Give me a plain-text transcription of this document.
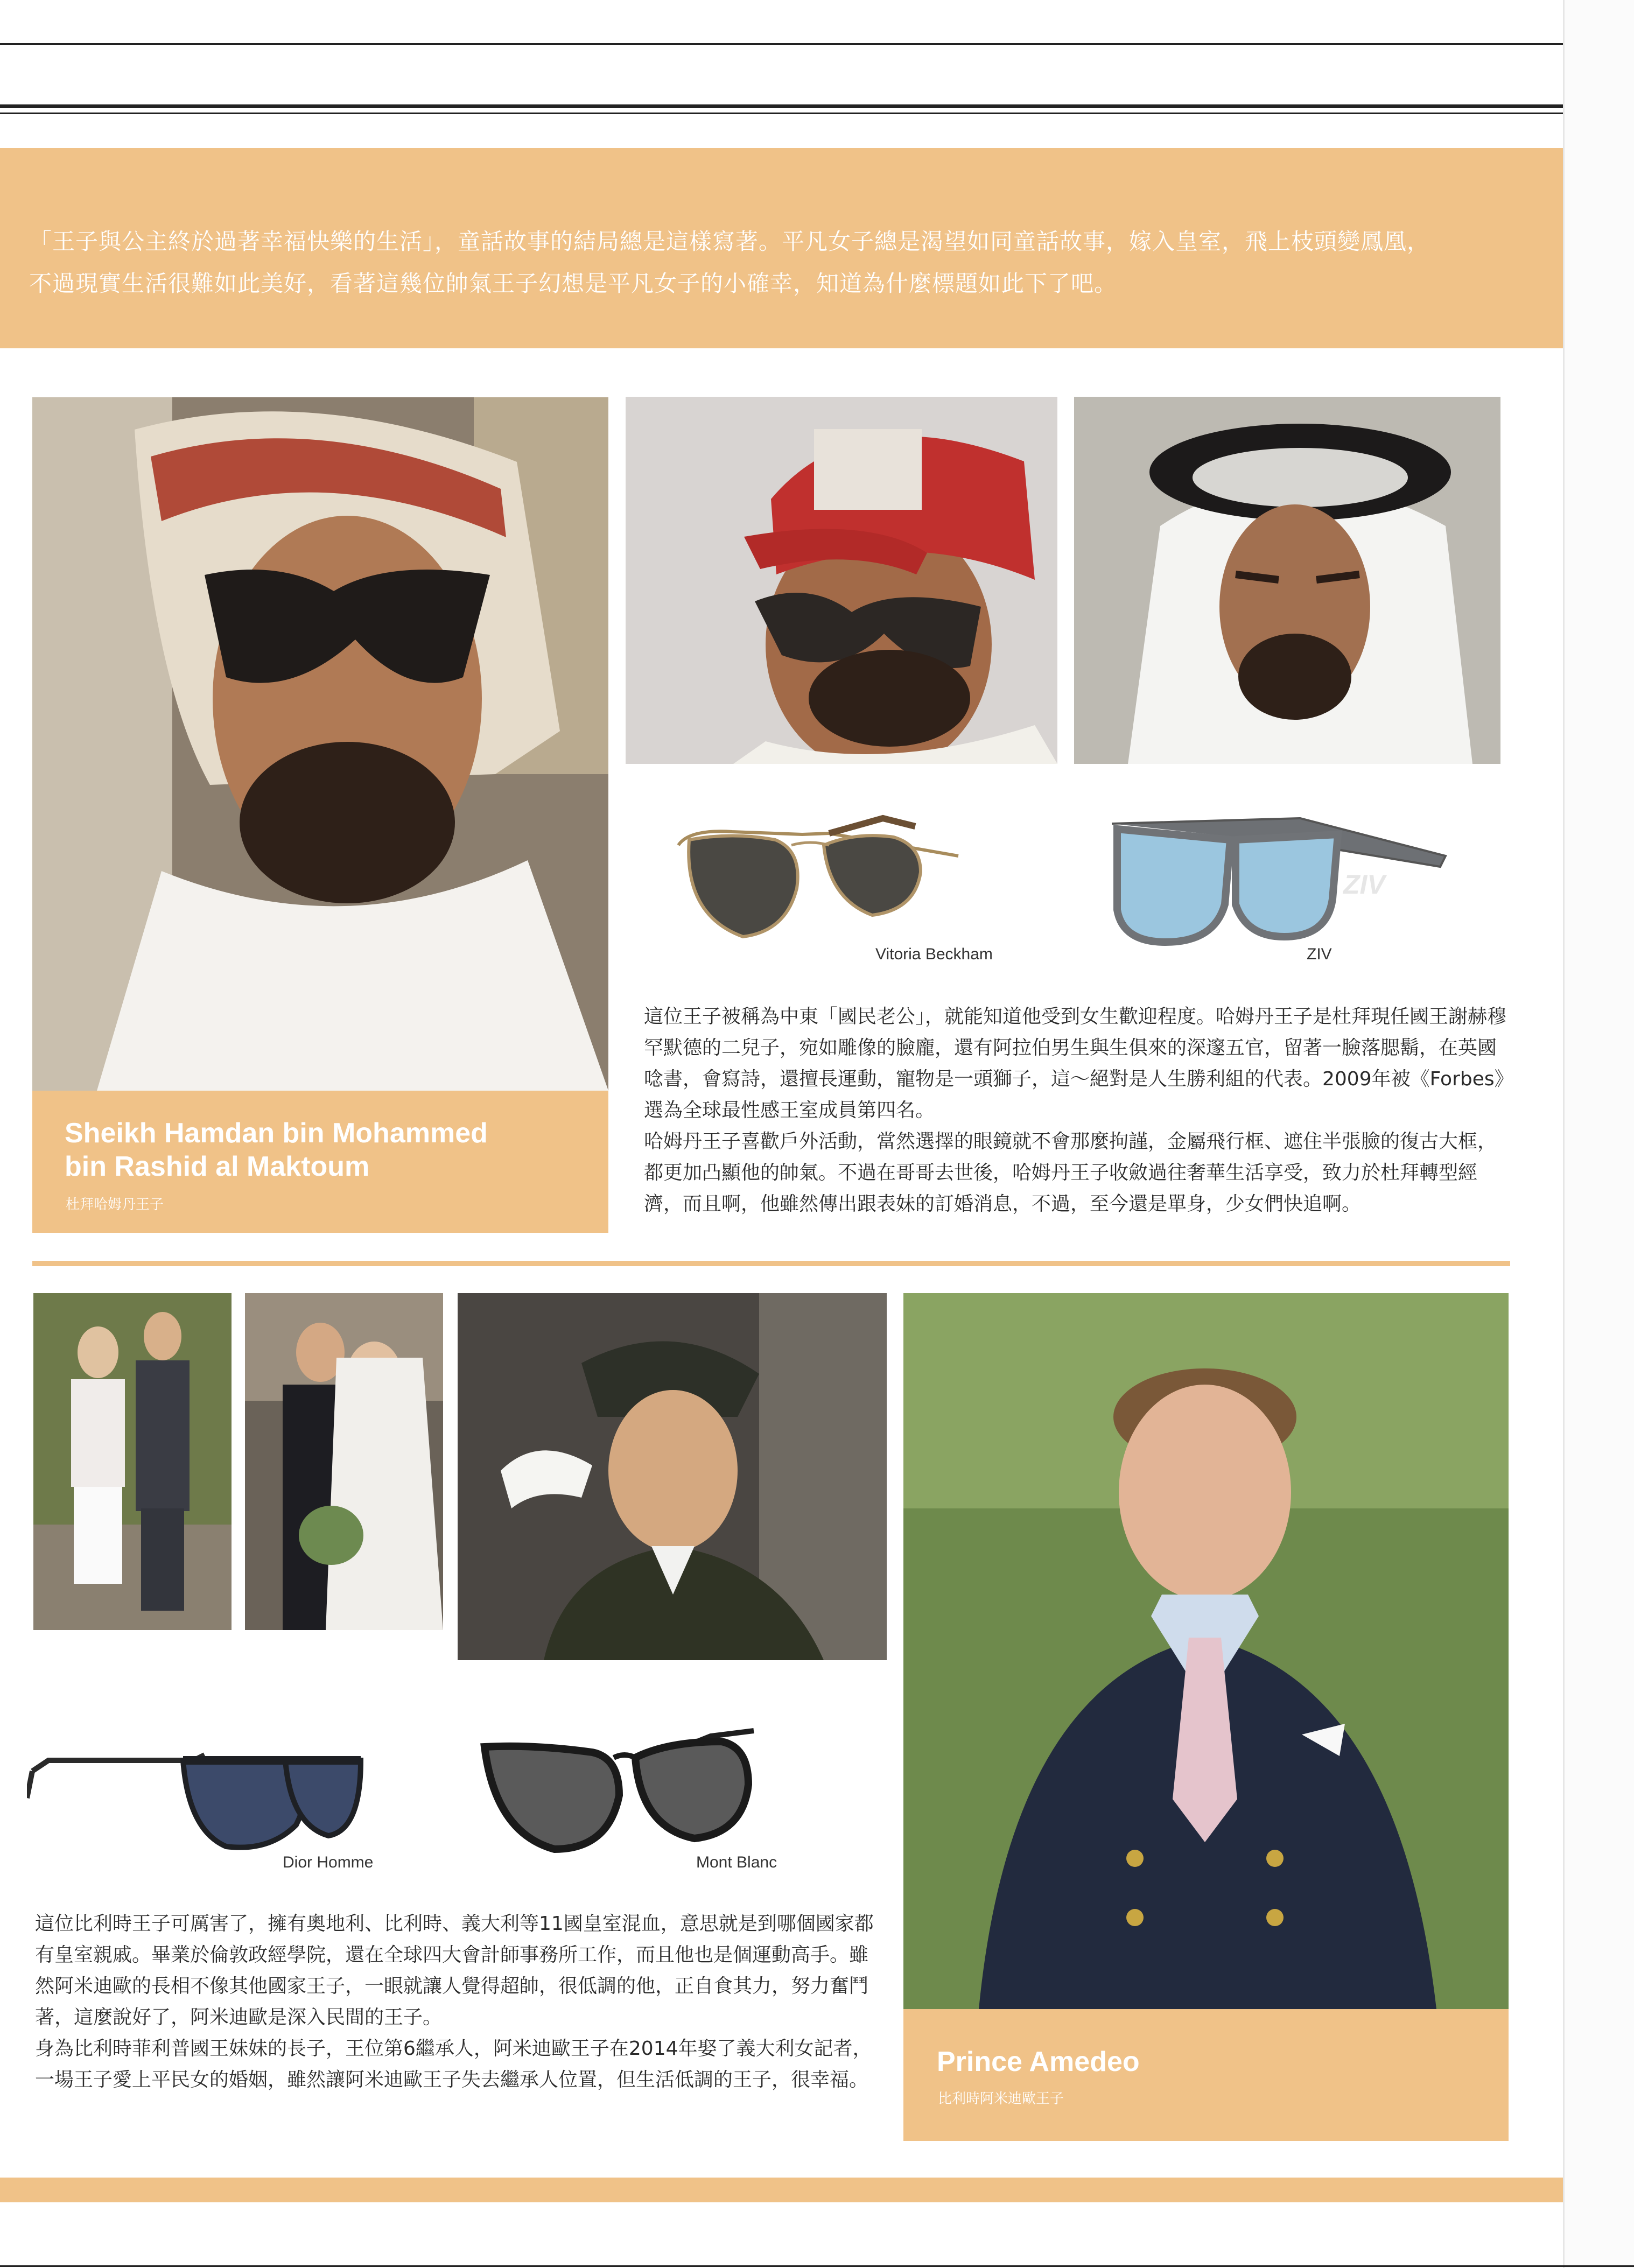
「王子與公主終於過著幸福快樂的生活」，童話故事的結局總是這樣寫著。平凡女子總是渴望如同童話故事，嫁入皇室，飛上枝頭變鳳凰，
不過現實生活很難如此美好，看著這幾位帥氣王子幻想是平凡女子的小確幸，知道為什麼標題如此下了吧。
Sheikh Hamdan bin Mohammed
bin Rashid al Maktoum
杜拜哈姆丹王子
Vitoria Beckham
ZIV
ZIV

這位王子被稱為中東「國民老公」，就能知道他受到女生歡迎程度。哈姆丹王子是杜拜現任國王謝赫穆罕默德的二兒子，宛如雕像的臉龐，還有阿拉伯男生與生俱來的深邃五官，留著一臉落腮鬍，在英國唸書，會寫詩，還擅長運動，寵物是一頭獅子，這～絕對是人生勝利組的代表。2009年被《Forbes》選為全球最性感王室成員第四名。

哈姆丹王子喜歡戶外活動，當然選擇的眼鏡就不會那麼拘謹，金屬飛行框、遮住半張臉的復古大框，都更加凸顯他的帥氣。不過在哥哥去世後，哈姆丹王子收斂過往奢華生活享受，致力於杜拜轉型經濟，而且啊，他雖然傳出跟表妹的訂婚消息，不過，至今還是單身，少女們快追啊。

Prince Amedeo
比利時阿米迪歐王子
Dior Homme	Mont Blanc

這位比利時王子可厲害了，擁有奧地利、比利時、義大利等11國皇室混血，意思就是到哪個國家都有皇室親戚。畢業於倫敦政經學院，還在全球四大會計師事務所工作，而且他也是個運動高手。雖然阿米迪歐的長相不像其他國家王子，一眼就讓人覺得超帥，很低調的他，正自食其力，努力奮鬥著，這麼說好了，阿米迪歐是深入民間的王子。

身為比利時菲利普國王妹妹的長子，王位第6繼承人，阿米迪歐王子在2014年娶了義大利女記者，一場王子愛上平民女的婚姻，雖然讓阿米迪歐王子失去繼承人位置，但生活低調的王子，很幸福。
